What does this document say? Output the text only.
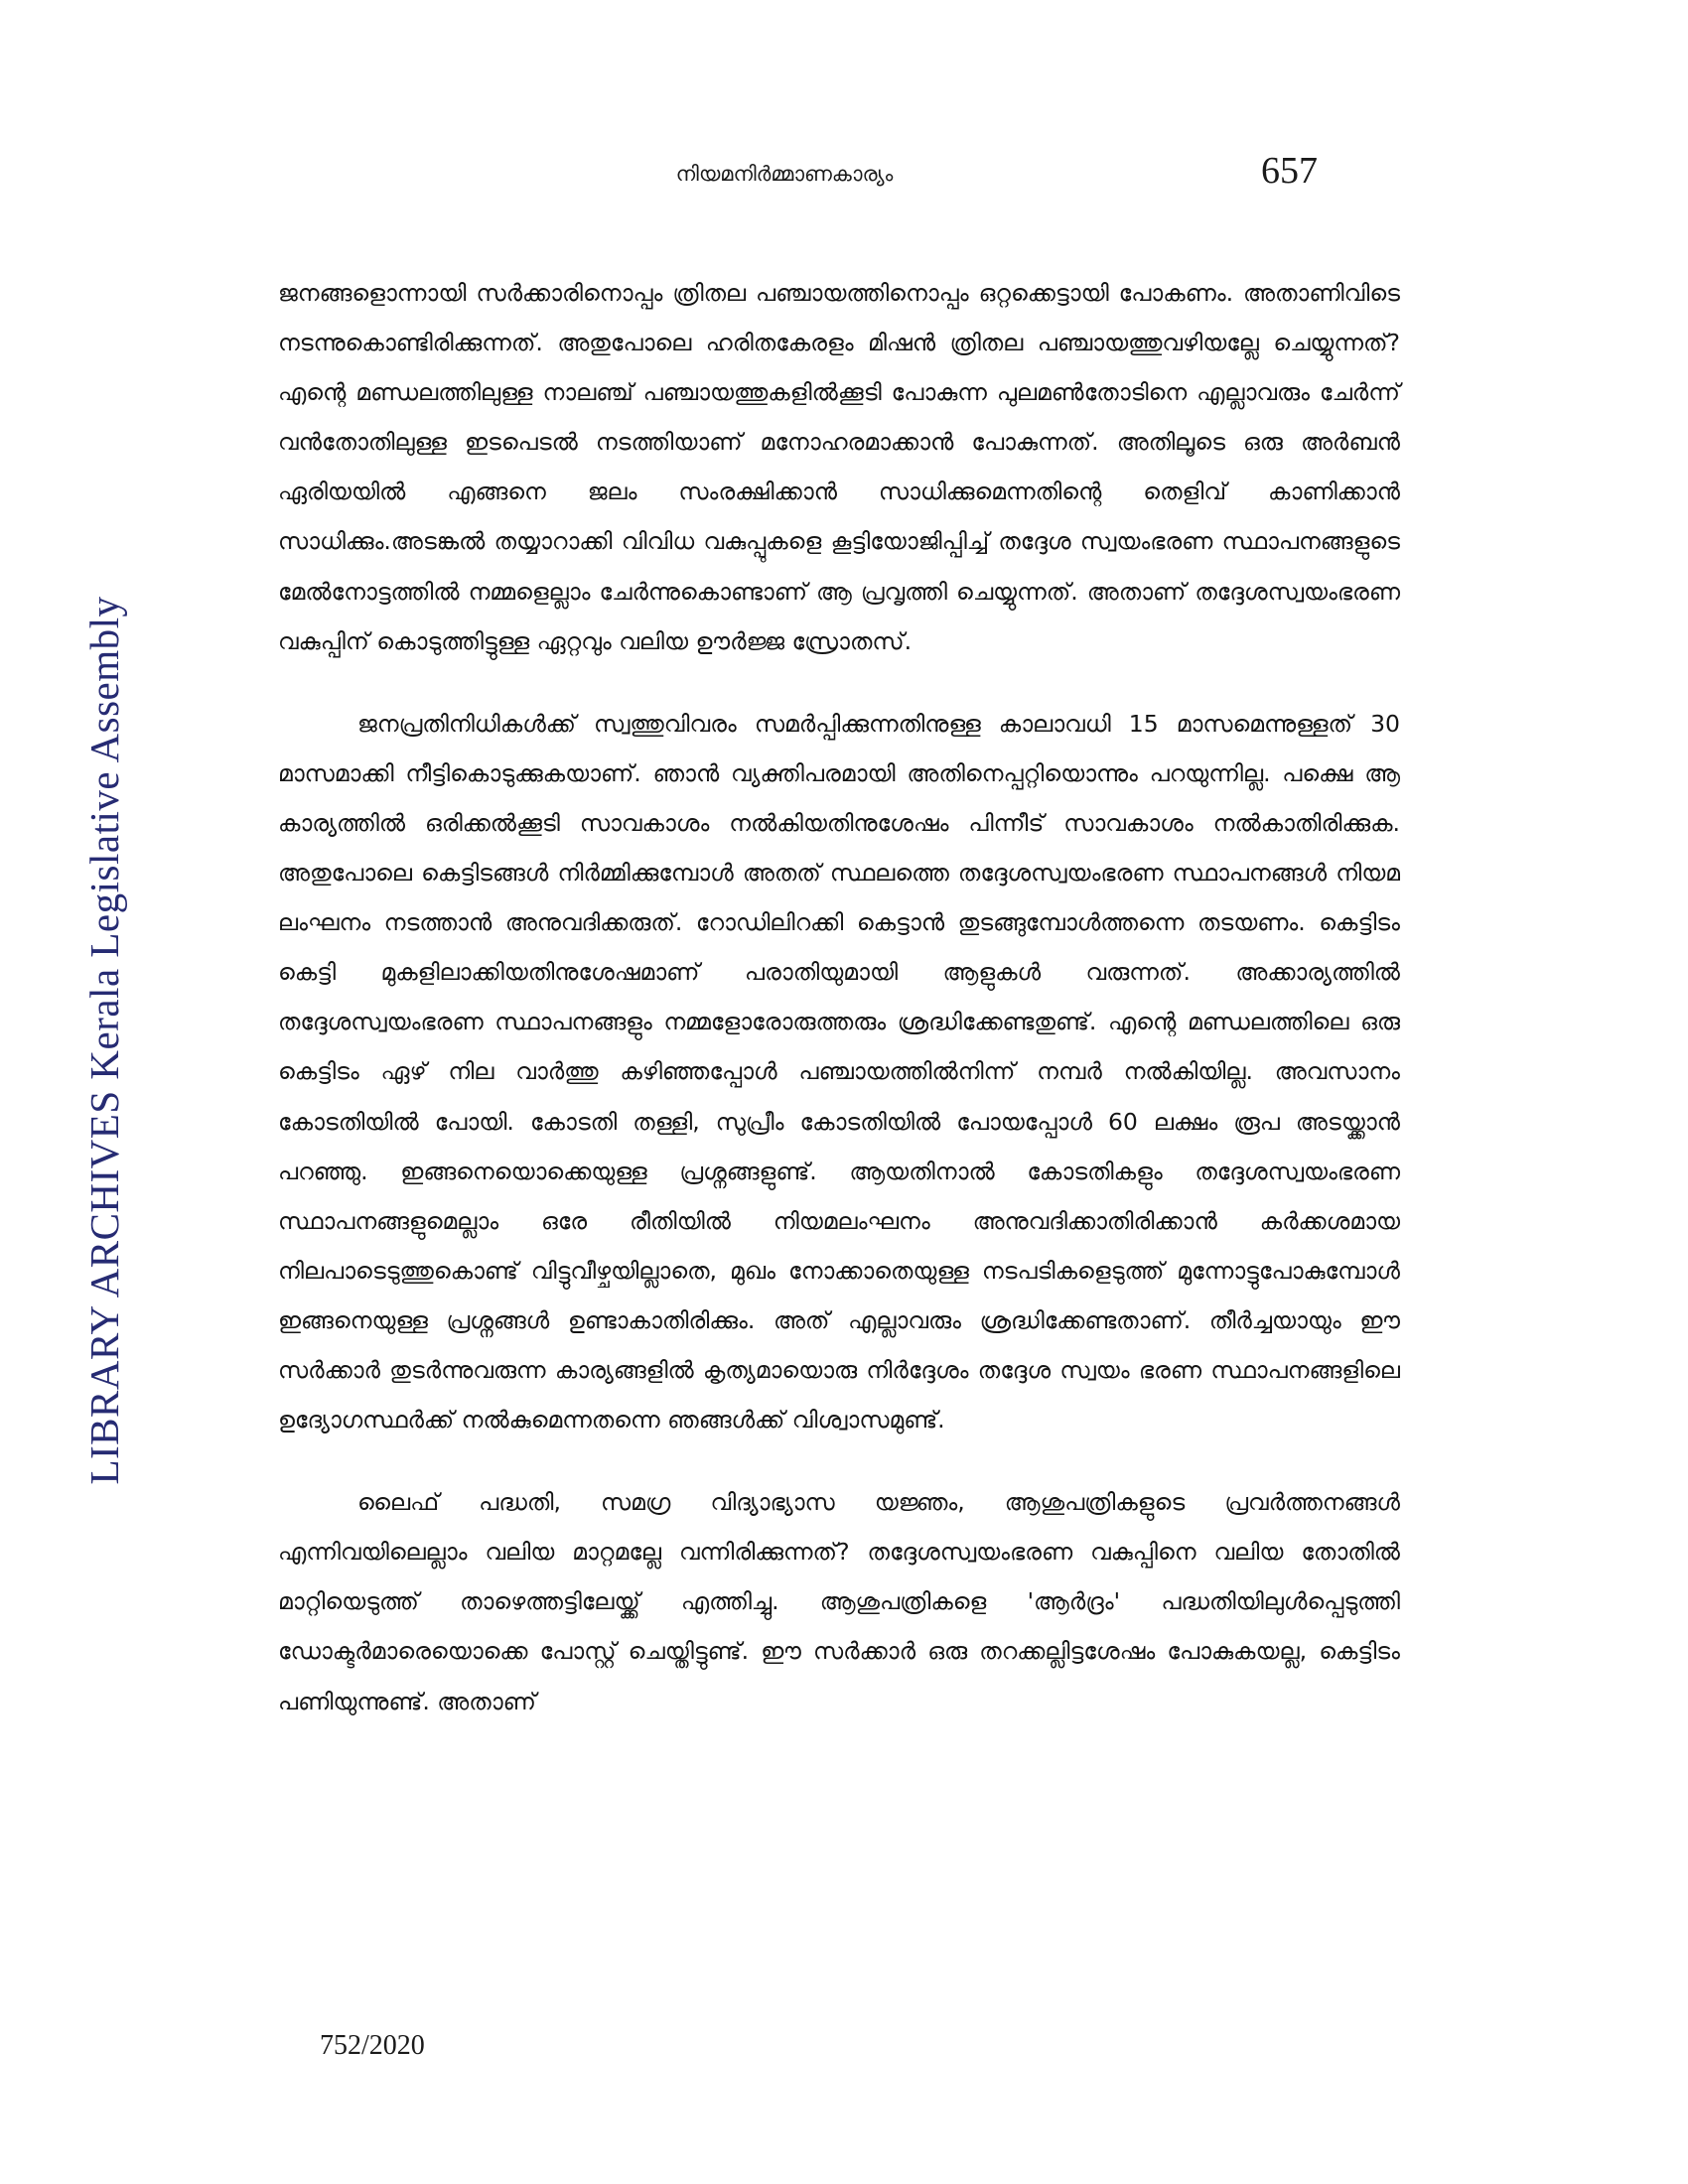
നിയമനിർമ്മാണകാര്യം	657
LIBRARY ARCHIVES Kerala Legislative Assembly

ജനങ്ങളൊന്നായി സർക്കാരിനൊപ്പം ത്രിതല പഞ്ചായത്തിനൊപ്പം ഒറ്റക്കെട്ടായി പോകണം. അതാണിവിടെ നടന്നുകൊണ്ടിരിക്കുന്നത്. അതുപോലെ ഹരിതകേരളം മിഷൻ ത്രിതല പഞ്ചായത്തുവഴിയല്ലേ ചെയ്യുന്നത്? എന്റെ മണ്ഡലത്തിലുള്ള നാലഞ്ച് പഞ്ചായത്തുകളിൽക്കൂടി പോകുന്ന പുലമൺതോടിനെ എല്ലാവരും ചേർന്ന് വൻതോതിലുള്ള ഇടപെടൽ നടത്തിയാണ് മനോഹരമാക്കാൻ പോകുന്നത്. അതിലൂടെ ഒരു അർബൻ ഏരിയയിൽ എങ്ങനെ ജലം സംരക്ഷിക്കാൻ സാധിക്കുമെന്നതിന്റെ തെളിവ് കാണിക്കാൻ സാധിക്കും.അടങ്കൽ തയ്യാറാക്കി വിവിധ വകുപ്പുകളെ കൂട്ടിയോജിപ്പിച്ച് തദ്ദേശ സ്വയംഭരണ സ്ഥാപനങ്ങളുടെ മേൽനോട്ടത്തിൽ നമ്മളെല്ലാം ചേർന്നുകൊണ്ടാണ് ആ പ്രവൃത്തി ചെയ്യുന്നത്. അതാണ് തദ്ദേശസ്വയംഭരണ വകുപ്പിന് കൊടുത്തിട്ടുള്ള ഏറ്റവും വലിയ ഊർജ്ജ സ്രോതസ്.

ജനപ്രതിനിധികൾക്ക് സ്വത്തുവിവരം സമർപ്പിക്കുന്നതിനുള്ള കാലാവധി 15 മാസമെന്നുള്ളത് 30 മാസമാക്കി നീട്ടികൊടുക്കുകയാണ്. ഞാൻ വ്യക്തിപരമായി അതിനെപ്പറ്റിയൊന്നും പറയുന്നില്ല. പക്ഷെ ആ കാര്യത്തിൽ ഒരിക്കൽക്കൂടി സാവകാശം നൽകിയതിനുശേഷം പിന്നീട് സാവകാശം നൽകാതിരിക്കുക. അതുപോലെ കെട്ടിടങ്ങൾ നിർമ്മിക്കുമ്പോൾ അതത് സ്ഥലത്തെ തദ്ദേശസ്വയംഭരണ സ്ഥാപനങ്ങൾ നിയമ ലംഘനം നടത്താൻ അനുവദിക്കരുത്. റോഡിലിറക്കി കെട്ടാൻ തുടങ്ങുമ്പോൾത്തന്നെ തടയണം. കെട്ടിടം കെട്ടി മുകളിലാക്കിയതിനുശേഷമാണ് പരാതിയുമായി ആളുകൾ വരുന്നത്. അക്കാര്യത്തിൽ തദ്ദേശസ്വയംഭരണ സ്ഥാപനങ്ങളും നമ്മളോരോരുത്തരും ശ്രദ്ധിക്കേണ്ടതുണ്ട്. എന്റെ മണ്ഡലത്തിലെ ഒരു കെട്ടിടം ഏഴ് നില വാർത്തു കഴിഞ്ഞപ്പോൾ പഞ്ചായത്തിൽനിന്ന് നമ്പർ നൽകിയില്ല. അവസാനം കോടതിയിൽ പോയി. കോടതി തള്ളി, സുപ്രീം കോടതിയിൽ പോയപ്പോൾ 60 ലക്ഷം രൂപ അടയ്ക്കാൻ പറഞ്ഞു. ഇങ്ങനെയൊക്കെയുള്ള പ്രശ്നങ്ങളുണ്ട്. ആയതിനാൽ കോടതികളും തദ്ദേശസ്വയംഭരണ സ്ഥാപനങ്ങളുമെല്ലാം ഒരേ രീതിയിൽ നിയമലംഘനം അനുവദിക്കാതിരിക്കാൻ കർക്കശമായ നിലപാടെടുത്തുകൊണ്ട് വിട്ടുവീഴ്ചയില്ലാതെ, മുഖം നോക്കാതെയുള്ള നടപടികളെടുത്ത് മുന്നോട്ടുപോകുമ്പോൾ ഇങ്ങനെയുള്ള പ്രശ്നങ്ങൾ ഉണ്ടാകാതിരിക്കും. അത് എല്ലാവരും ശ്രദ്ധിക്കേണ്ടതാണ്. തീർച്ചയായും ഈ സർക്കാർ തുടർന്നുവരുന്ന കാര്യങ്ങളിൽ കൃത്യമായൊരു നിർദ്ദേശം തദ്ദേശ സ്വയം ഭരണ സ്ഥാപനങ്ങളിലെ ഉദ്യോഗസ്ഥർക്ക് നൽകുമെന്നതന്നെ ഞങ്ങൾക്ക് വിശ്വാസമുണ്ട്.

ലൈഫ് പദ്ധതി, സമഗ്ര വിദ്യാഭ്യാസ യജ്ഞം, ആശുപത്രികളുടെ പ്രവർത്തനങ്ങൾ എന്നിവയിലെല്ലാം വലിയ മാറ്റമല്ലേ വന്നിരിക്കുന്നത്? തദ്ദേശസ്വയംഭരണ വകുപ്പിനെ വലിയ തോതിൽ മാറ്റിയെടുത്ത് താഴെത്തട്ടിലേയ്ക്ക് എത്തിച്ചു. ആശുപത്രികളെ 'ആർദ്രം' പദ്ധതിയിലുൾപ്പെടുത്തി ഡോക്ടർമാരെയൊക്കെ പോസ്റ്റ് ചെയ്തിട്ടുണ്ട്. ഈ സർക്കാർ ഒരു തറക്കല്ലിട്ടശേഷം പോകുകയല്ല, കെട്ടിടം പണിയുന്നുണ്ട്. അതാണ്

752/2020
